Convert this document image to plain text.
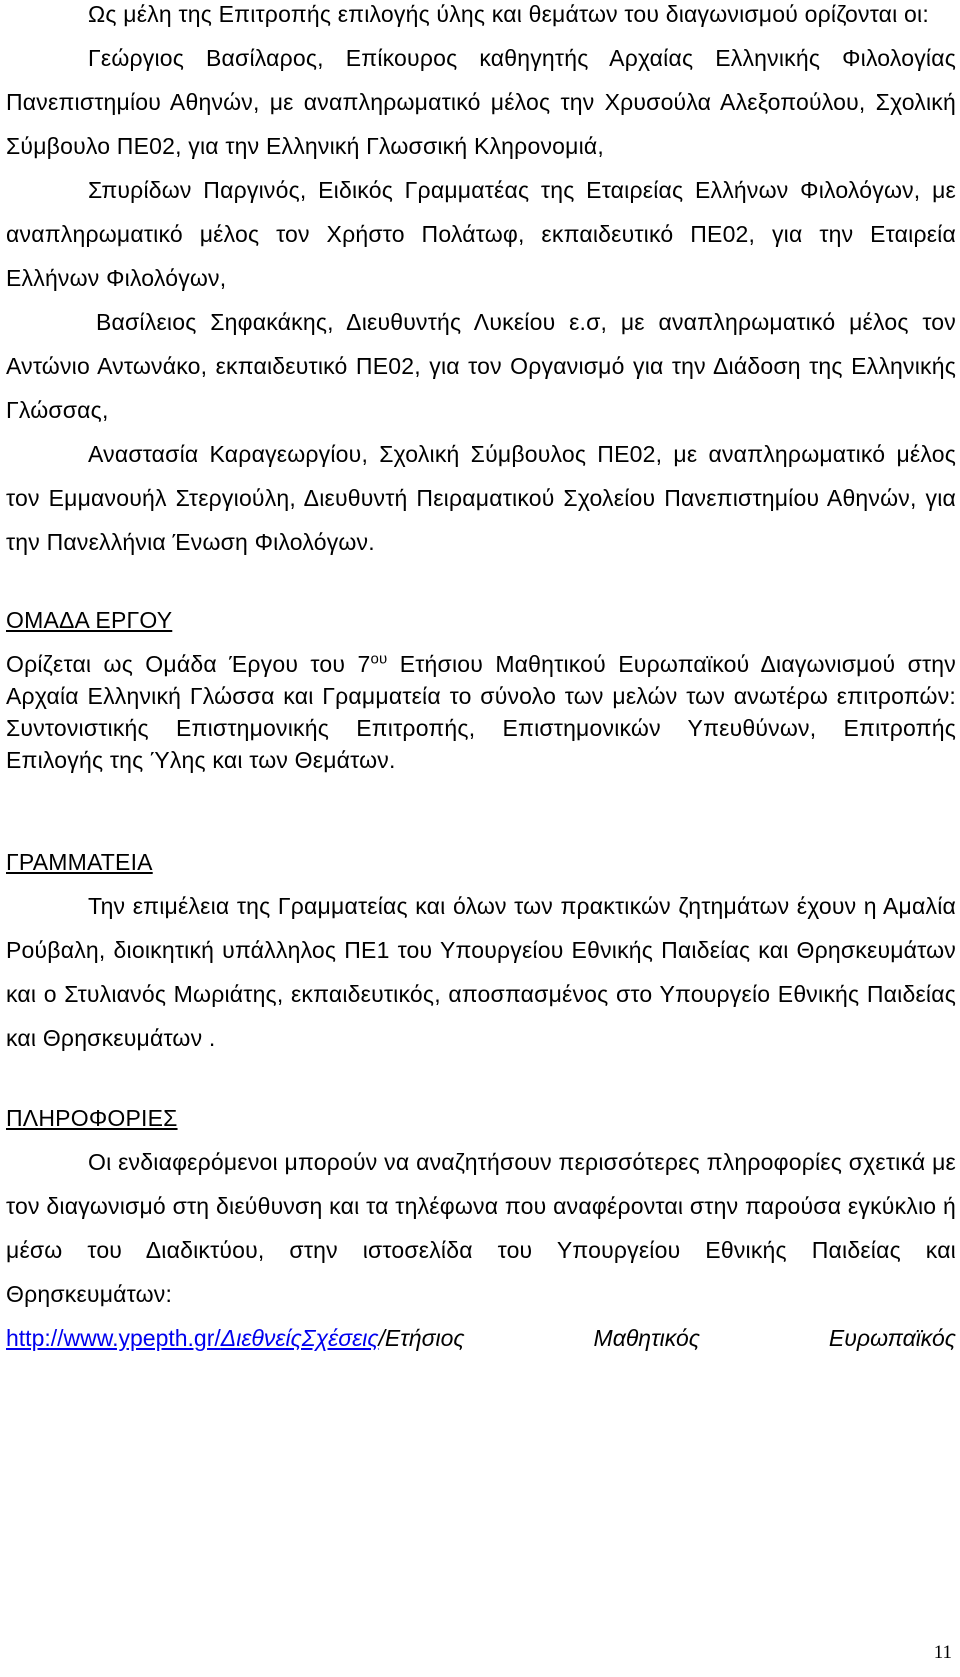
Ως μέλη της Επιτροπής επιλογής ύλης και θεμάτων του διαγωνισμού ορίζονται οι:

Γεώργιος Βασίλαρος, Επίκουρος καθηγητής Αρχαίας Ελληνικής Φιλολογίας Πανεπιστημίου Αθηνών, με αναπληρωματικό μέλος την Χρυσούλα Αλεξοπούλου, Σχολική Σύμβουλο ΠΕ02, για την Ελληνική Γλωσσική Κληρονομιά,

Σπυρίδων Παργινός, Ειδικός Γραμματέας της Εταιρείας Ελλήνων Φιλολόγων, με αναπληρωματικό μέλος τον Χρήστο Πολάτωφ, εκπαιδευτικό ΠΕ02, για την Εταιρεία Ελλήνων Φιλολόγων,

Βασίλειος Σηφακάκης, Διευθυντής Λυκείου ε.σ, με αναπληρωματικό μέλος τον Αντώνιο Αντωνάκο, εκπαιδευτικό ΠΕ02, για τον Οργανισμό για την Διάδοση της Ελληνικής Γλώσσας,

Αναστασία Καραγεωργίου, Σχολική Σύμβουλος ΠΕ02, με αναπληρωματικό μέλος τον Εμμανουήλ Στεργιούλη, Διευθυντή Πειραματικού Σχολείου Πανεπιστημίου Αθηνών, για την Πανελλήνια Ένωση Φιλολόγων.

ΟΜΑΔΑ ΕΡΓΟΥ

Ορίζεται ως Ομάδα Έργου του $7^{o\upsilon}$ Ετήσιου Μαθητικού Ευρωπαϊκού Διαγωνισμού στην Αρχαία Ελληνική Γλώσσα και Γραμματεία το σύνολο των μελών των ανωτέρω επιτροπών: Συντονιστικής Επιστημονικής Επιτροπής, Επιστημονικών Υπευθύνων, Επιτροπής Επιλογής της Ύλης και των Θεμάτων.

ΓΡΑΜΜΑΤΕΙΑ

Την επιμέλεια της Γραμματείας και όλων των πρακτικών ζητημάτων έχουν η Αμαλία Ρούβαλη, διοικητική υπάλληλος ΠΕ1 του Υπουργείου Εθνικής Παιδείας και Θρησκευμάτων και ο Στυλιανός Μωριάτης, εκπαιδευτικός, αποσπασμένος στο Υπουργείο Εθνικής Παιδείας και Θρησκευμάτων .

ΠΛΗΡΟΦΟΡΙΕΣ

Οι ενδιαφερόμενοι μπορούν να αναζητήσουν περισσότερες πληροφορίες σχετικά με τον διαγωνισμό στη διεύθυνση και τα τηλέφωνα που αναφέρονται στην παρούσα εγκύκλιο ή μέσω του Διαδικτύου, στην ιστοσελίδα του Υπουργείου Εθνικής Παιδείας και Θρησκευμάτων:

http://www.ypepth.gr/ΔιεθνείςΣχέσεις/Ετήσιος	Μαθητικός	Ευρωπαϊκός
11
